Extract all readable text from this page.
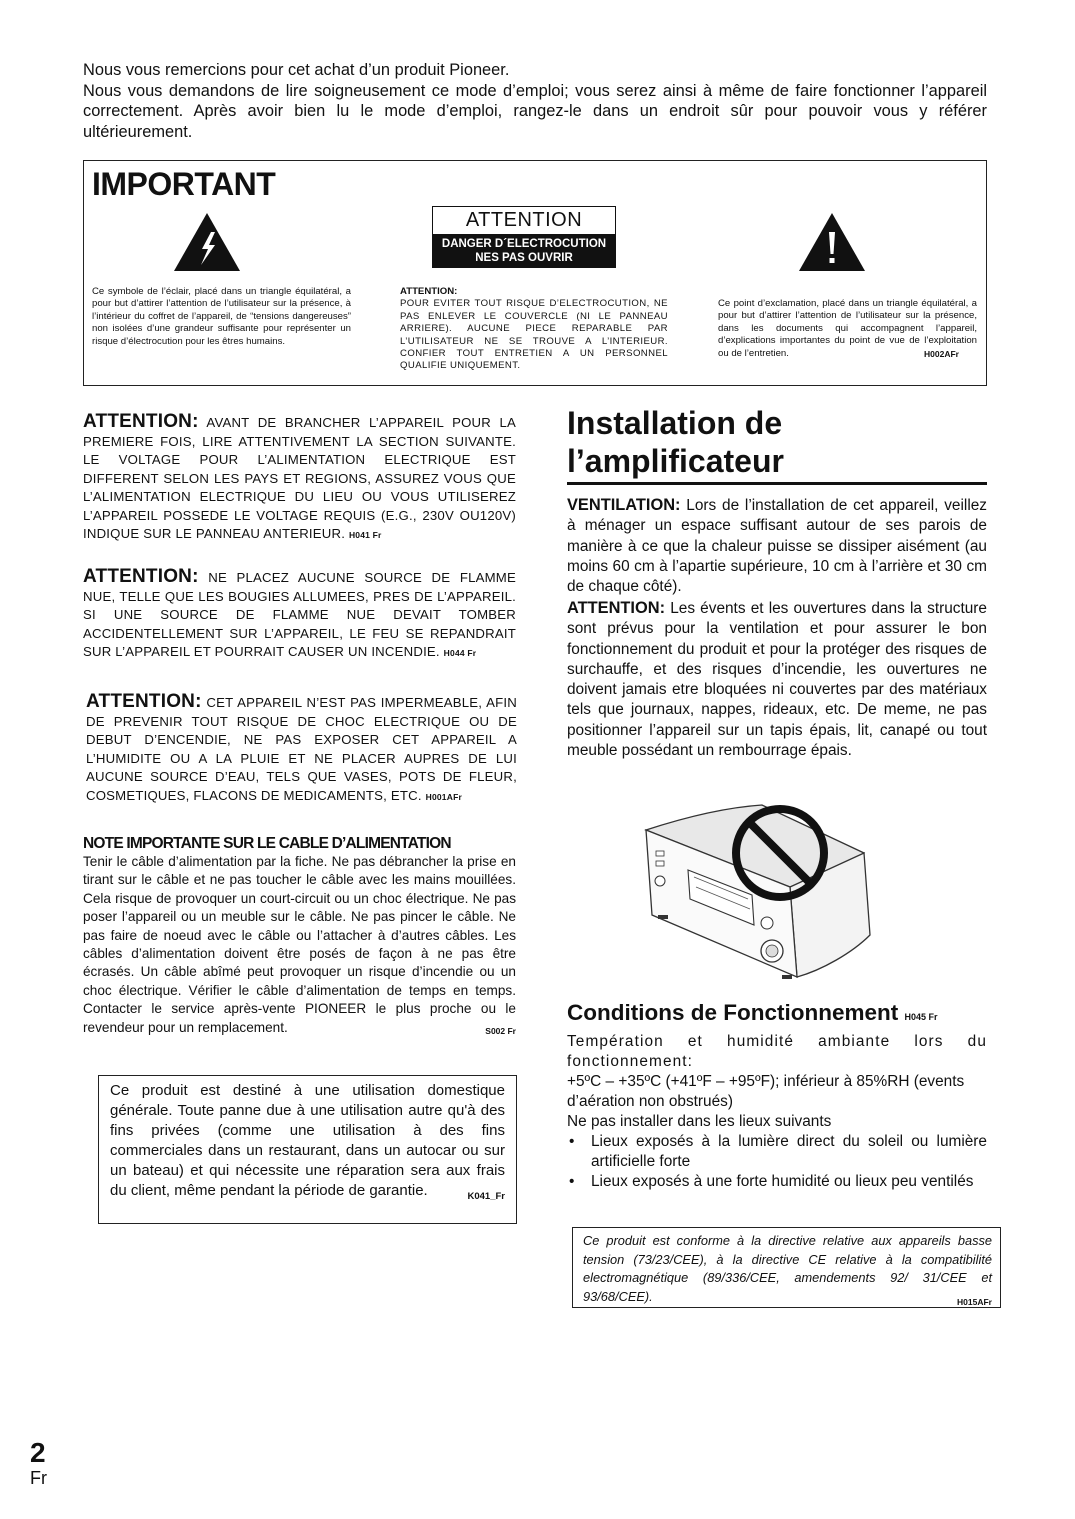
Nous vous remercions pour cet achat d’un produit Pioneer.

Nous vous demandons de lire soigneusement ce mode d’emploi; vous serez ainsi à même de faire fonctionner l’appareil correctement. Après avoir bien lu le mode d’emploi, rangez-le dans un endroit sûr pour pouvoir vous y référer ultérieurement.

IMPORTANT
ATTENTION
DANGER D´ELECTROCUTION
NES PAS OUVRIR
Ce symbole de l’éclair, placé dans un triangle équilatéral, a pour but d’attirer l’attention de l’utilisateur sur la présence, à l’intérieur du coffret de l’appareil, de “tensions dangereuses” non isolées d’une grandeur suffisante pour représenter un risque d’électrocution pour les êtres humains.
ATTENTION:
POUR EVITER TOUT RISQUE D’ELECTROCUTION, NE PAS ENLEVER LE COUVERCLE (NI LE PANNEAU ARRIERE). AUCUNE PIECE REPARABLE PAR L’UTILISATEUR NE SE TROUVE A L’INTERIEUR. CONFIER TOUT ENTRETIEN A UN PERSONNEL QUALIFIE UNIQUEMENT.
Ce point d’exclamation, placé dans un triangle équilatéral, a pour but d’attirer l’attention de l’utilisateur sur la présence, dans les documents qui accompagnent l’appareil, d’explications importantes du point de vue de l’exploitation ou de l’entretien.	H002AFr
ATTENTION: AVANT DE BRANCHER L’APPAREIL POUR LA PREMIERE FOIS, LIRE ATTENTIVEMENT LA SECTION SUIVANTE. LE VOLTAGE POUR L’ALIMENTATION ELECTRIQUE EST DIFFERENT SELON LES PAYS ET REGIONS, ASSUREZ VOUS QUE L’ALIMENTATION ELECTRIQUE DU LIEU OU VOUS UTILISEREZ L’APPAREIL POSSEDE LE VOLTAGE REQUIS (E.G., 230V OU120V) INDIQUE SUR LE PANNEAU ANTERIEUR. H041 Fr
ATTENTION: NE PLACEZ AUCUNE SOURCE DE FLAMME NUE, TELLE QUE LES BOUGIES ALLUMEES, PRES DE L’APPAREIL. SI UNE SOURCE DE FLAMME NUE DEVAIT TOMBER ACCIDENTELLEMENT SUR L’APPAREIL, LE FEU SE REPANDRAIT SUR L’APPAREIL ET POURRAIT CAUSER UN INCENDIE. H044 Fr
ATTENTION: CET APPAREIL N’EST PAS IMPERMEABLE, AFIN DE PREVENIR TOUT RISQUE DE CHOC ELECTRIQUE OU DE DEBUT D’ENCENDIE, NE PAS EXPOSER CET APPAREIL A L’HUMIDITE OU A LA PLUIE ET NE PLACER AUPRES DE LUI AUCUNE SOURCE D’EAU, TELS QUE VASES, POTS DE FLEUR, COSMETIQUES, FLACONS DE MEDICAMENTS, ETC. H001AFr
NOTE IMPORTANTE SUR LE CABLE D’ALIMENTATION
Tenir le câble d’alimentation par la fiche. Ne pas débrancher la prise en tirant sur le câble et ne pas toucher le câble avec les mains mouillées. Cela risque de provoquer un court-circuit ou un choc électrique. Ne pas poser l’appareil ou un meuble sur le câble. Ne pas pincer le câble. Ne pas faire de noeud avec le câble ou l’attacher à d’autres câbles. Les câbles d’alimentation doivent être posés de façon à ne pas être écrasés. Un câble abîmé peut provoquer un risque d’incendie ou un choc électrique. Vérifier le câble d’alimentation de temps en temps. Contacter le service après-vente PIONEER le plus proche ou le revendeur pour un remplacement.	S002 Fr
Ce produit est destiné à une utilisation domestique générale. Toute panne due à une utilisation autre qu'à des fins privées (comme une utilisation à des fins commerciales dans un restaurant, dans un autocar ou sur un bateau) et qui nécessite une réparation sera aux frais du client, même pendant la période de garantie.	K041_Fr
Installation de
l’amplificateur
VENTILATION: Lors de l’installation de cet appareil, veillez à ménager un espace suffisant autour de ses parois de manière à ce que la chaleur puisse se dissiper aisément (au moins 60 cm à l’apartie supérieure, 10 cm à l’arrière et 30 cm de chaque côté).
ATTENTION: Les évents et les ouvertures dans la structure sont prévus pour la ventilation et pour assurer le bon fonctionnement du produit et pour la protéger des risques de surchauffe, et des risques d’incendie, les ouvertures ne doivent jamais etre bloquées ni couvertes par des matériaux tels que journaux, nappes, rideaux, etc. De meme, ne pas positionner l’appareil sur un tapis épais, lit, canapé ou tout meuble possédant un rembourrage épais.
Conditions de Fonctionnement H045 Fr
Températion et humidité ambiante lors du fonctionnement:
+5ºC – +35ºC (+41ºF – +95ºF); inférieur à 85%RH (events d’aération non obstrués)
Ne pas installer dans les lieux suivants
•	Lieux exposés à la lumière direct du soleil ou lumière artificielle forte
•	Lieux exposés à une forte humidité ou lieux peu ventilés
Ce produit est conforme à la directive relative aux appareils basse tension (73/23/CEE), à la directive CE relative à la compatibilité electromagnétique (89/336/CEE, amendements 92/ 31/CEE et 93/68/CEE).	H015AFr
2
Fr
